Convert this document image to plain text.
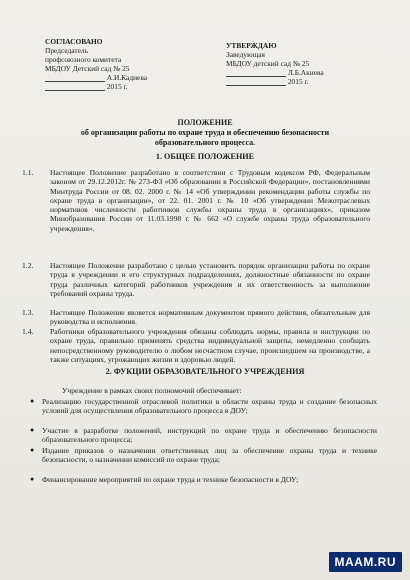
СОГЛАСОВАНО
Председатель
профсоюзного комитета
МБДОУ Детский сад № 25
А.И.Кадиева
2015 г.
УТВЕРЖДАЮ
Заведующая
МБДОУ детский сад № 25
Л.Б.Акиева
2015 г.
ПОЛОЖЕНИЕ
об организации работы по охране труда и обеспечению безопасности
образовательного процесса.
1. ОБЩЕЕ ПОЛОЖЕНИЕ
1.1. Настоящее Положение разработано в соответствии с Трудовым кодексом РФ, Федеральным законом от 29.12.2012г. № 273-ФЗ «Об образовании в Российской Федерации», постановлениями Минтруда России от 08. 02. 2000 г. № 14 «Об утверждении рекомендации работы службы по охране труда в организации», от 22. 01. 2001 г. № 10 «Об утверждении Межотраслевых нормативов численности работников службы охраны труда в организациях», приказом Минобразования России от 11.03.1998 г. № 662 «О службе охраны труда образовательного учреждения».
1.2. Настоящее Положение разработано с целью установить порядок организации работы по охране труда в учреждении и его структурных подразделениях, должностные обязанности по охране труда различных категорий работников учреждения и их ответственность за выполнение требований охраны труда.
1.3. Настоящее Положение является нормативным документом прямого действия, обязательным для руководства и исполнения.
1.4. Работники образовательного учреждения обязаны соблюдать нормы, правила и инструкции по охране труда, правильно применять средства индивидуальной защиты, немедленно сообщать непосредственному руководителю о любом несчастном случае, происшедшем на производстве, а также ситуациях, угрожающих жизни и здоровью людей.
2. ФУКЦИИ ОБРАЗОВАТЕЛЬНОГО УЧРЕЖДЕНИЯ
Учреждение в рамках своих полномочий обеспечивает:
● Реализацию государственной отраслевой политики в области охраны труда и создание безопасных условий для осуществления образовательного процесса в ДОУ;
● Участие в разработке положений, инструкций по охране труда и обеспечению безопасности образовательного процесса;
● Издание приказов о назначении ответственных лиц за обеспечение охраны труда и технике безопасности, о назначении комиссий по охране труда;
● Финансирование мероприятий по охране труда и технике безопасности в ДОУ;
MAAM.RU
